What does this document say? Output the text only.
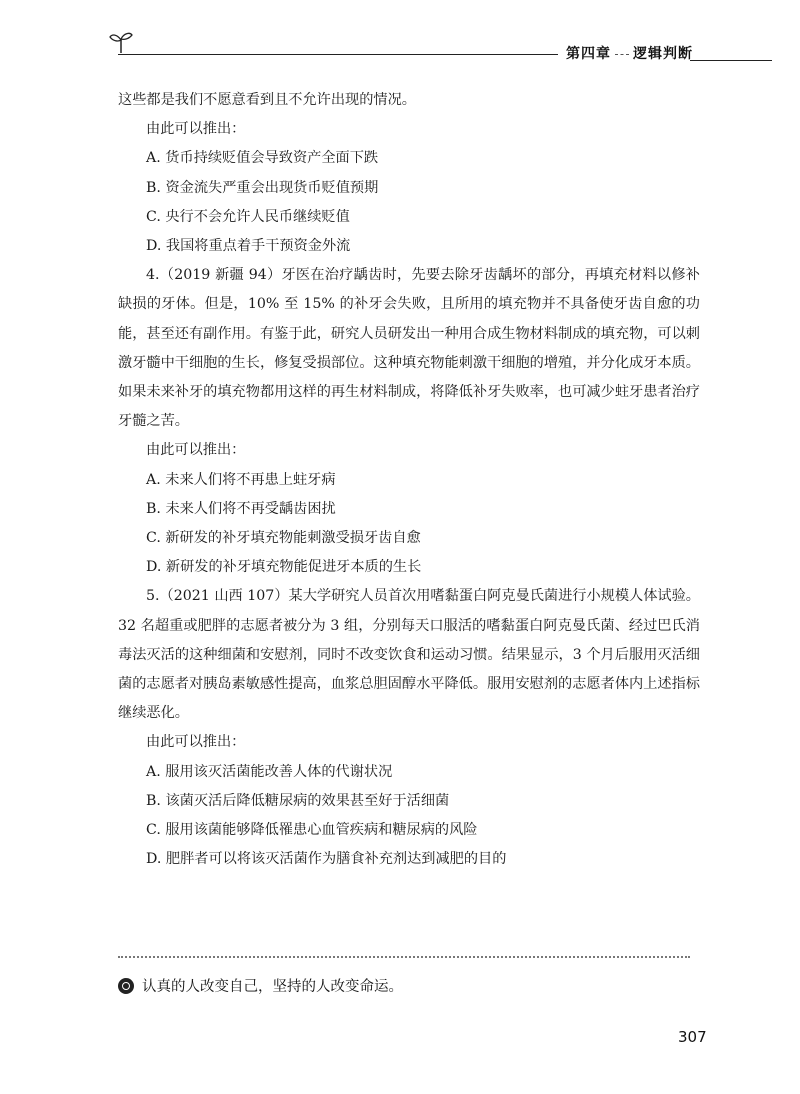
第四章 逻辑判断

这些都是我们不愿意看到且不允许出现的情况。

由此可以推出：

A. 货币持续贬值会导致资产全面下跌

B. 资金流失严重会出现货币贬值预期

C. 央行不会允许人民币继续贬值

D. 我国将重点着手干预资金外流

4.（2019 新疆 94）牙医在治疗龋齿时，先要去除牙齿龋坏的部分，再填充材料以修补缺损的牙体。但是，10% 至 15% 的补牙会失败，且所用的填充物并不具备使牙齿自愈的功能，甚至还有副作用。有鉴于此，研究人员研发出一种用合成生物材料制成的填充物，可以刺激牙髓中干细胞的生长，修复受损部位。这种填充物能刺激干细胞的增殖，并分化成牙本质。如果未来补牙的填充物都用这样的再生材料制成，将降低补牙失败率，也可减少蛀牙患者治疗牙髓之苦。

由此可以推出：

A. 未来人们将不再患上蛀牙病

B. 未来人们将不再受龋齿困扰

C. 新研发的补牙填充物能刺激受损牙齿自愈

D. 新研发的补牙填充物能促进牙本质的生长

5.（2021 山西 107）某大学研究人员首次用嗜黏蛋白阿克曼氏菌进行小规模人体试验。32 名超重或肥胖的志愿者被分为 3 组，分别每天口服活的嗜黏蛋白阿克曼氏菌、经过巴氏消毒法灭活的这种细菌和安慰剂，同时不改变饮食和运动习惯。结果显示，3 个月后服用灭活细菌的志愿者对胰岛素敏感性提高，血浆总胆固醇水平降低。服用安慰剂的志愿者体内上述指标继续恶化。

由此可以推出：

A. 服用该灭活菌能改善人体的代谢状况

B. 该菌灭活后降低糖尿病的效果甚至好于活细菌

C. 服用该菌能够降低罹患心血管疾病和糖尿病的风险

D. 肥胖者可以将该灭活菌作为膳食补充剂达到减肥的目的

认真的人改变自己，坚持的人改变命运。
307
